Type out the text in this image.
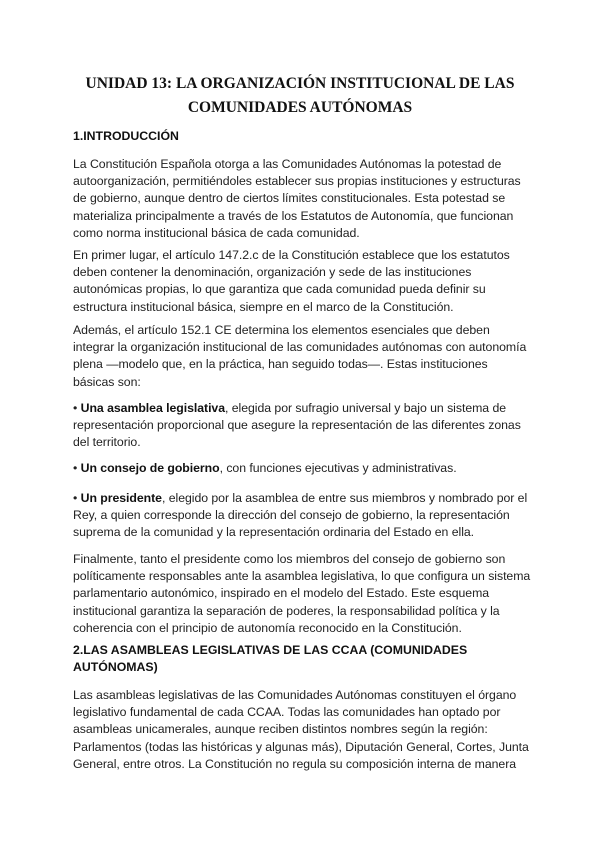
UNIDAD 13: LA ORGANIZACIÓN INSTITUCIONAL DE LAS COMUNIDADES AUTÓNOMAS
1.INTRODUCCIÓN
La Constitución Española otorga a las Comunidades Autónomas la potestad de autoorganización, permitiéndoles establecer sus propias instituciones y estructuras de gobierno, aunque dentro de ciertos límites constitucionales. Esta potestad se materializa principalmente a través de los Estatutos de Autonomía, que funcionan como norma institucional básica de cada comunidad.
En primer lugar, el artículo 147.2.c de la Constitución establece que los estatutos deben contener la denominación, organización y sede de las instituciones autonómicas propias, lo que garantiza que cada comunidad pueda definir su estructura institucional básica, siempre en el marco de la Constitución.
Además, el artículo 152.1 CE determina los elementos esenciales que deben integrar la organización institucional de las comunidades autónomas con autonomía plena —modelo que, en la práctica, han seguido todas—. Estas instituciones básicas son:
• Una asamblea legislativa, elegida por sufragio universal y bajo un sistema de representación proporcional que asegure la representación de las diferentes zonas del territorio.
• Un consejo de gobierno, con funciones ejecutivas y administrativas.
• Un presidente, elegido por la asamblea de entre sus miembros y nombrado por el Rey, a quien corresponde la dirección del consejo de gobierno, la representación suprema de la comunidad y la representación ordinaria del Estado en ella.
Finalmente, tanto el presidente como los miembros del consejo de gobierno son políticamente responsables ante la asamblea legislativa, lo que configura un sistema parlamentario autonómico, inspirado en el modelo del Estado. Este esquema institucional garantiza la separación de poderes, la responsabilidad política y la coherencia con el principio de autonomía reconocido en la Constitución.
2.LAS ASAMBLEAS LEGISLATIVAS DE LAS CCAA (COMUNIDADES AUTÓNOMAS)
Las asambleas legislativas de las Comunidades Autónomas constituyen el órgano legislativo fundamental de cada CCAA. Todas las comunidades han optado por asambleas unicamerales, aunque reciben distintos nombres según la región: Parlamentos (todas las históricas y algunas más), Diputación General, Cortes, Junta General, entre otros. La Constitución no regula su composición interna de manera
